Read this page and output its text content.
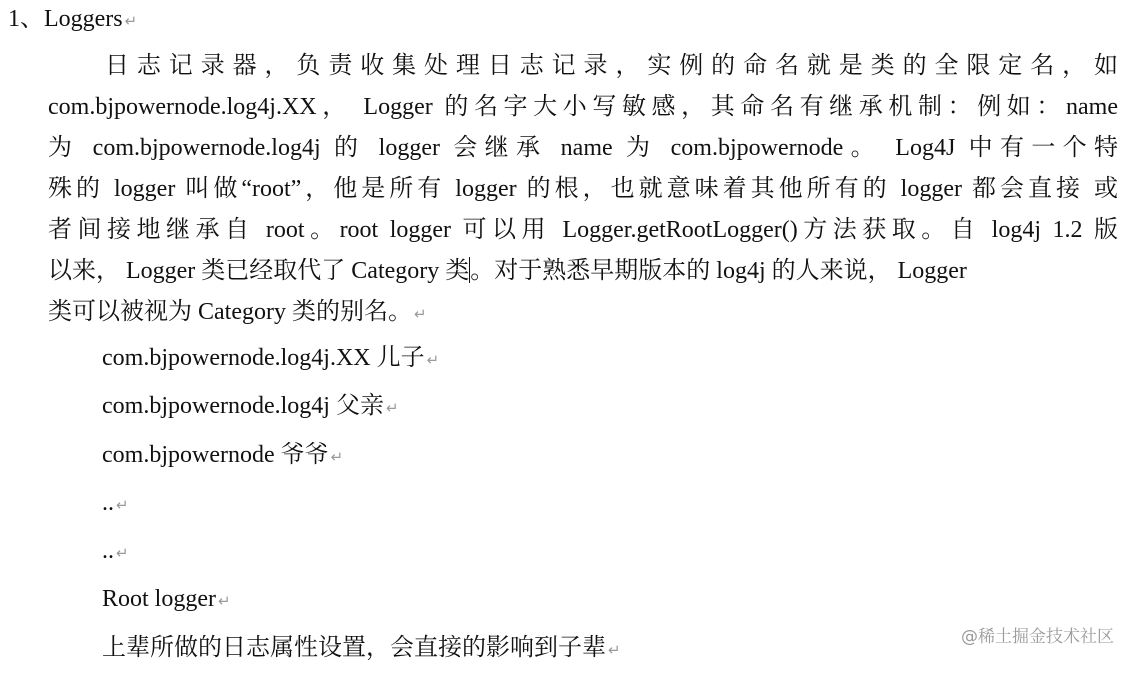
1、Loggers ↵
日志记录器，负责收集处理日志记录，实例的命名就是类的全限定名，如
com.bjpowernode.log4j.XX， Logger 的名字大小写敏感，其命名有继承机制：例如：name
为 com.bjpowernode.log4j 的 logger 会继承 name 为 com.bjpowernode。 Log4J 中有一个特
殊的 logger 叫做“root”，他是所有 logger 的根，也就意味着其他所有的 logger 都会直接 或
者间接地继承自 root。root logger 可以用 Logger.getRootLogger()方法获取。自 log4j 1.2 版
以来， Logger 类已经取代了 Category 类。对于熟悉早期版本的 log4j 的人来说， Logger
类可以被视为 Category 类的别名。 ↵
com.bjpowernode.log4j.XX 儿子 ↵
com.bjpowernode.log4j 父亲 ↵
com.bjpowernode 爷爷 ↵
.. ↵
.. ↵
Root logger ↵
上辈所做的日志属性设置，会直接的影响到子辈 ↵
@稀土掘金技术社区
